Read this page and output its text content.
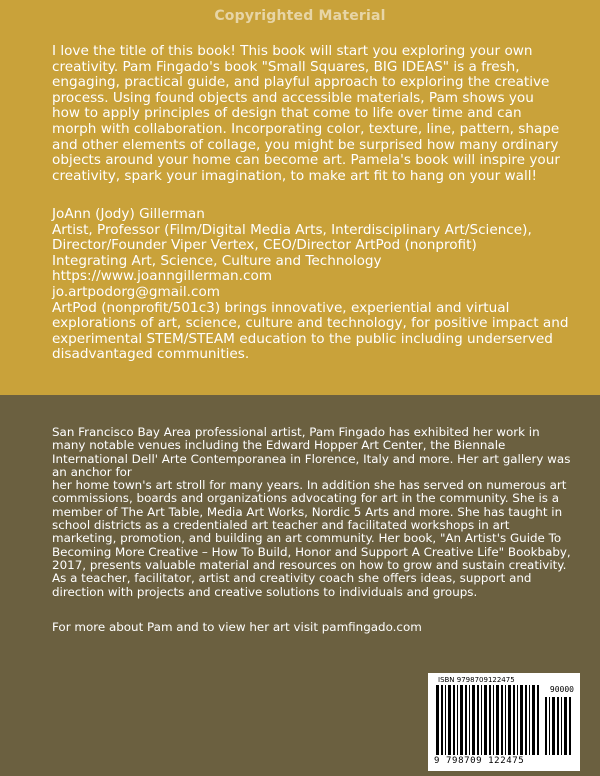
Copyrighted Material

I love the title of this book! This book will start you exploring your own creativity. Pam Fingado's book "Small Squares, BIG IDEAS" is a fresh, engaging, practical guide, and playful approach to exploring the creative process. Using found objects and accessible materials, Pam shows you how to apply principles of design that come to life over time and can morph with collaboration. Incorporating color, texture, line, pattern, shape and other elements of collage, you might be surprised how many ordinary objects around your home can become art. Pamela's book will inspire your creativity, spark your imagination, to make art fit to hang on your wall!

JoAnn (Jody) Gillerman
Artist, Professor (Film/Digital Media Arts, Interdisciplinary Art/Science),
Director/Founder Viper Vertex, CEO/Director ArtPod (nonprofit)
Integrating Art, Science, Culture and Technology
https://www.joanngillerman.com
jo.artpodorg@gmail.com
ArtPod (nonprofit/501c3) brings innovative, experiential and virtual explorations of art, science, culture and technology, for positive impact and experimental STEM/STEAM education to the public including underserved disadvantaged communities.
San Francisco Bay Area professional artist, Pam Fingado has exhibited her work in many notable venues including the Edward Hopper Art Center, the Biennale International Dell' Arte Contemporanea in Florence, Italy and more. Her art gallery was an anchor for
her home town's art stroll for many years. In addition she has served on numerous art commissions, boards and organizations advocating for art in the community. She is a member of The Art Table, Media Art Works, Nordic 5 Arts and more. She has taught in school districts as a credentialed art teacher and facilitated workshops in art marketing, promotion, and building an art community. Her book, "An Artist's Guide To Becoming More Creative – How To Build, Honor and Support A Creative Life" Bookbaby, 2017, presents valuable material and resources on how to grow and sustain creativity. As a teacher, facilitator, artist and creativity coach she offers ideas, support and direction with projects and creative solutions to individuals and groups.
For more about Pam and to view her art visit pamfingado.com
ISBN 9798709122475
90000
9 798709 122475
